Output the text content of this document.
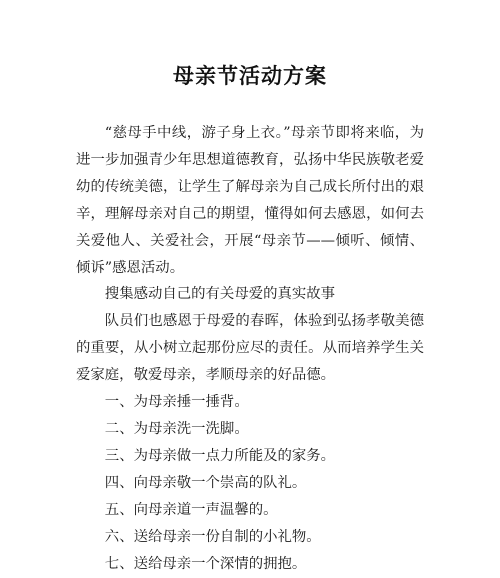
母亲节活动方案
“慈母手中线，游子身上衣。”母亲节即将来临，为进一步加强青少年思想道德教育，弘扬中华民族敬老爱幼的传统美德，让学生了解母亲为自己成长所付出的艰辛，理解母亲对自己的期望，懂得如何去感恩，如何去关爱他人、关爱社会，开展“母亲节——倾听、倾情、倾诉”感恩活动。
搜集感动自己的有关母爱的真实故事
队员们也感恩于母爱的春晖，体验到弘扬孝敬美德的重要，从小树立起那份应尽的责任。从而培养学生关爱家庭，敬爱母亲，孝顺母亲的好品德。
一、为母亲捶一捶背。
二、为母亲洗一洗脚。
三、为母亲做一点力所能及的家务。
四、向母亲敬一个崇高的队礼。
五、向母亲道一声温馨的。
六、送给母亲一份自制的小礼物。
七、送给母亲一个深情的拥抱。
